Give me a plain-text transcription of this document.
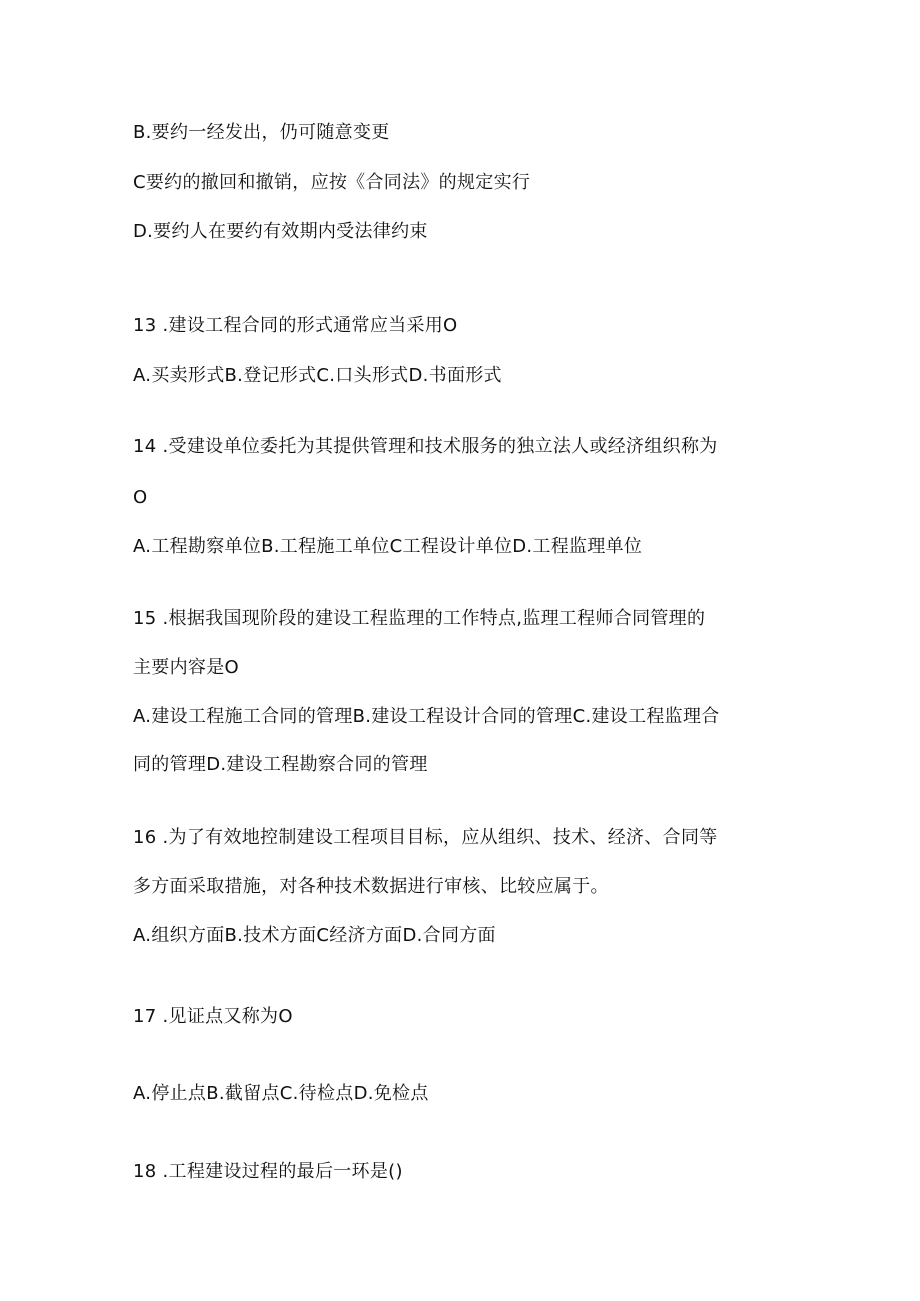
B.要约一经发出，仍可随意变更
C要约的撤回和撤销，应按《合同法》的规定实行
D.要约人在要约有效期内受法律约束
13 .建设工程合同的形式通常应当采用O
A.买卖形式B.登记形式C.口头形式D.书面形式
14 .受建设单位委托为其提供管理和技术服务的独立法人或经济组织称为
O
A.工程勘察单位B.工程施工单位C工程设计单位D.工程监理单位
15 .根据我国现阶段的建设工程监理的工作特点,监理工程师合同管理的
主要内容是O
A.建设工程施工合同的管理B.建设工程设计合同的管理C.建设工程监理合
同的管理D.建设工程勘察合同的管理
16 .为了有效地控制建设工程项目目标，应从组织、技术、经济、合同等
多方面采取措施，对各种技术数据进行审核、比较应属于。
A.组织方面B.技术方面C经济方面D.合同方面
17 .见证点又称为O
A.停止点B.截留点C.待检点D.免检点
18 .工程建设过程的最后一环是()
